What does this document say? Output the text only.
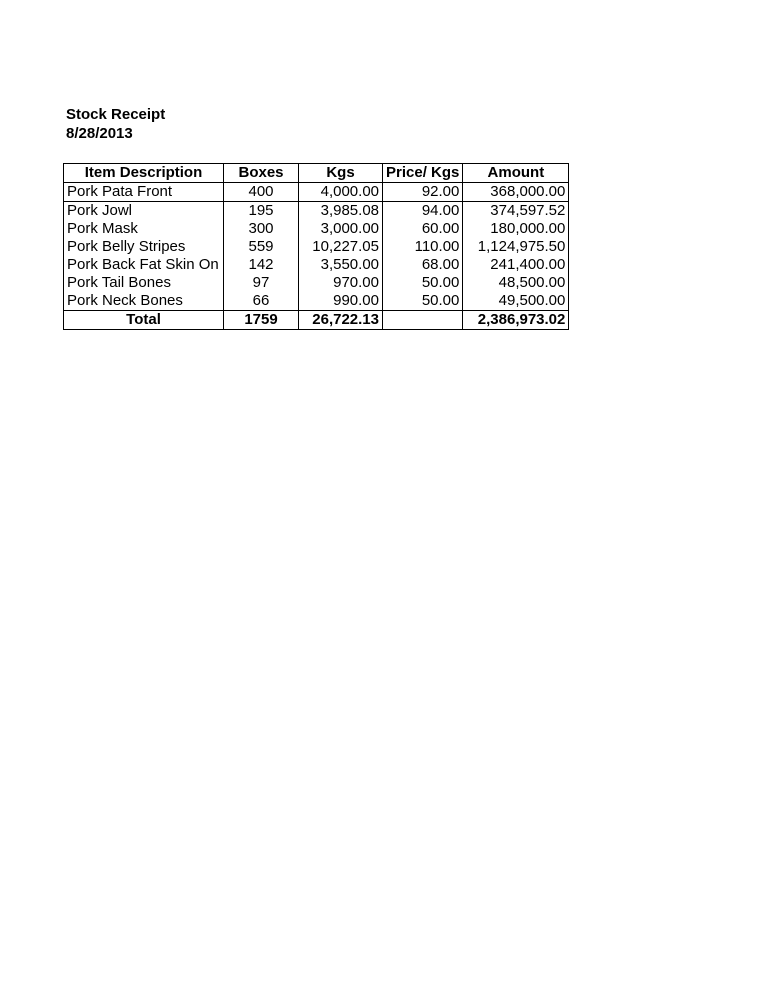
Stock Receipt
8/28/2013
Item Description	Boxes	Kgs	Price/ Kgs	Amount
Pork Pata Front	400	4,000.00	92.00	368,000.00
Pork Jowl	195	3,985.08	94.00	374,597.52
Pork Mask	300	3,000.00	60.00	180,000.00
Pork Belly Stripes	559	10,227.05	110.00	1,124,975.50
Pork Back Fat Skin On	142	3,550.00	68.00	241,400.00
Pork Tail Bones	97	970.00	50.00	48,500.00
Pork Neck Bones	66	990.00	50.00	49,500.00
Total	1759	26,722.13		2,386,973.02
